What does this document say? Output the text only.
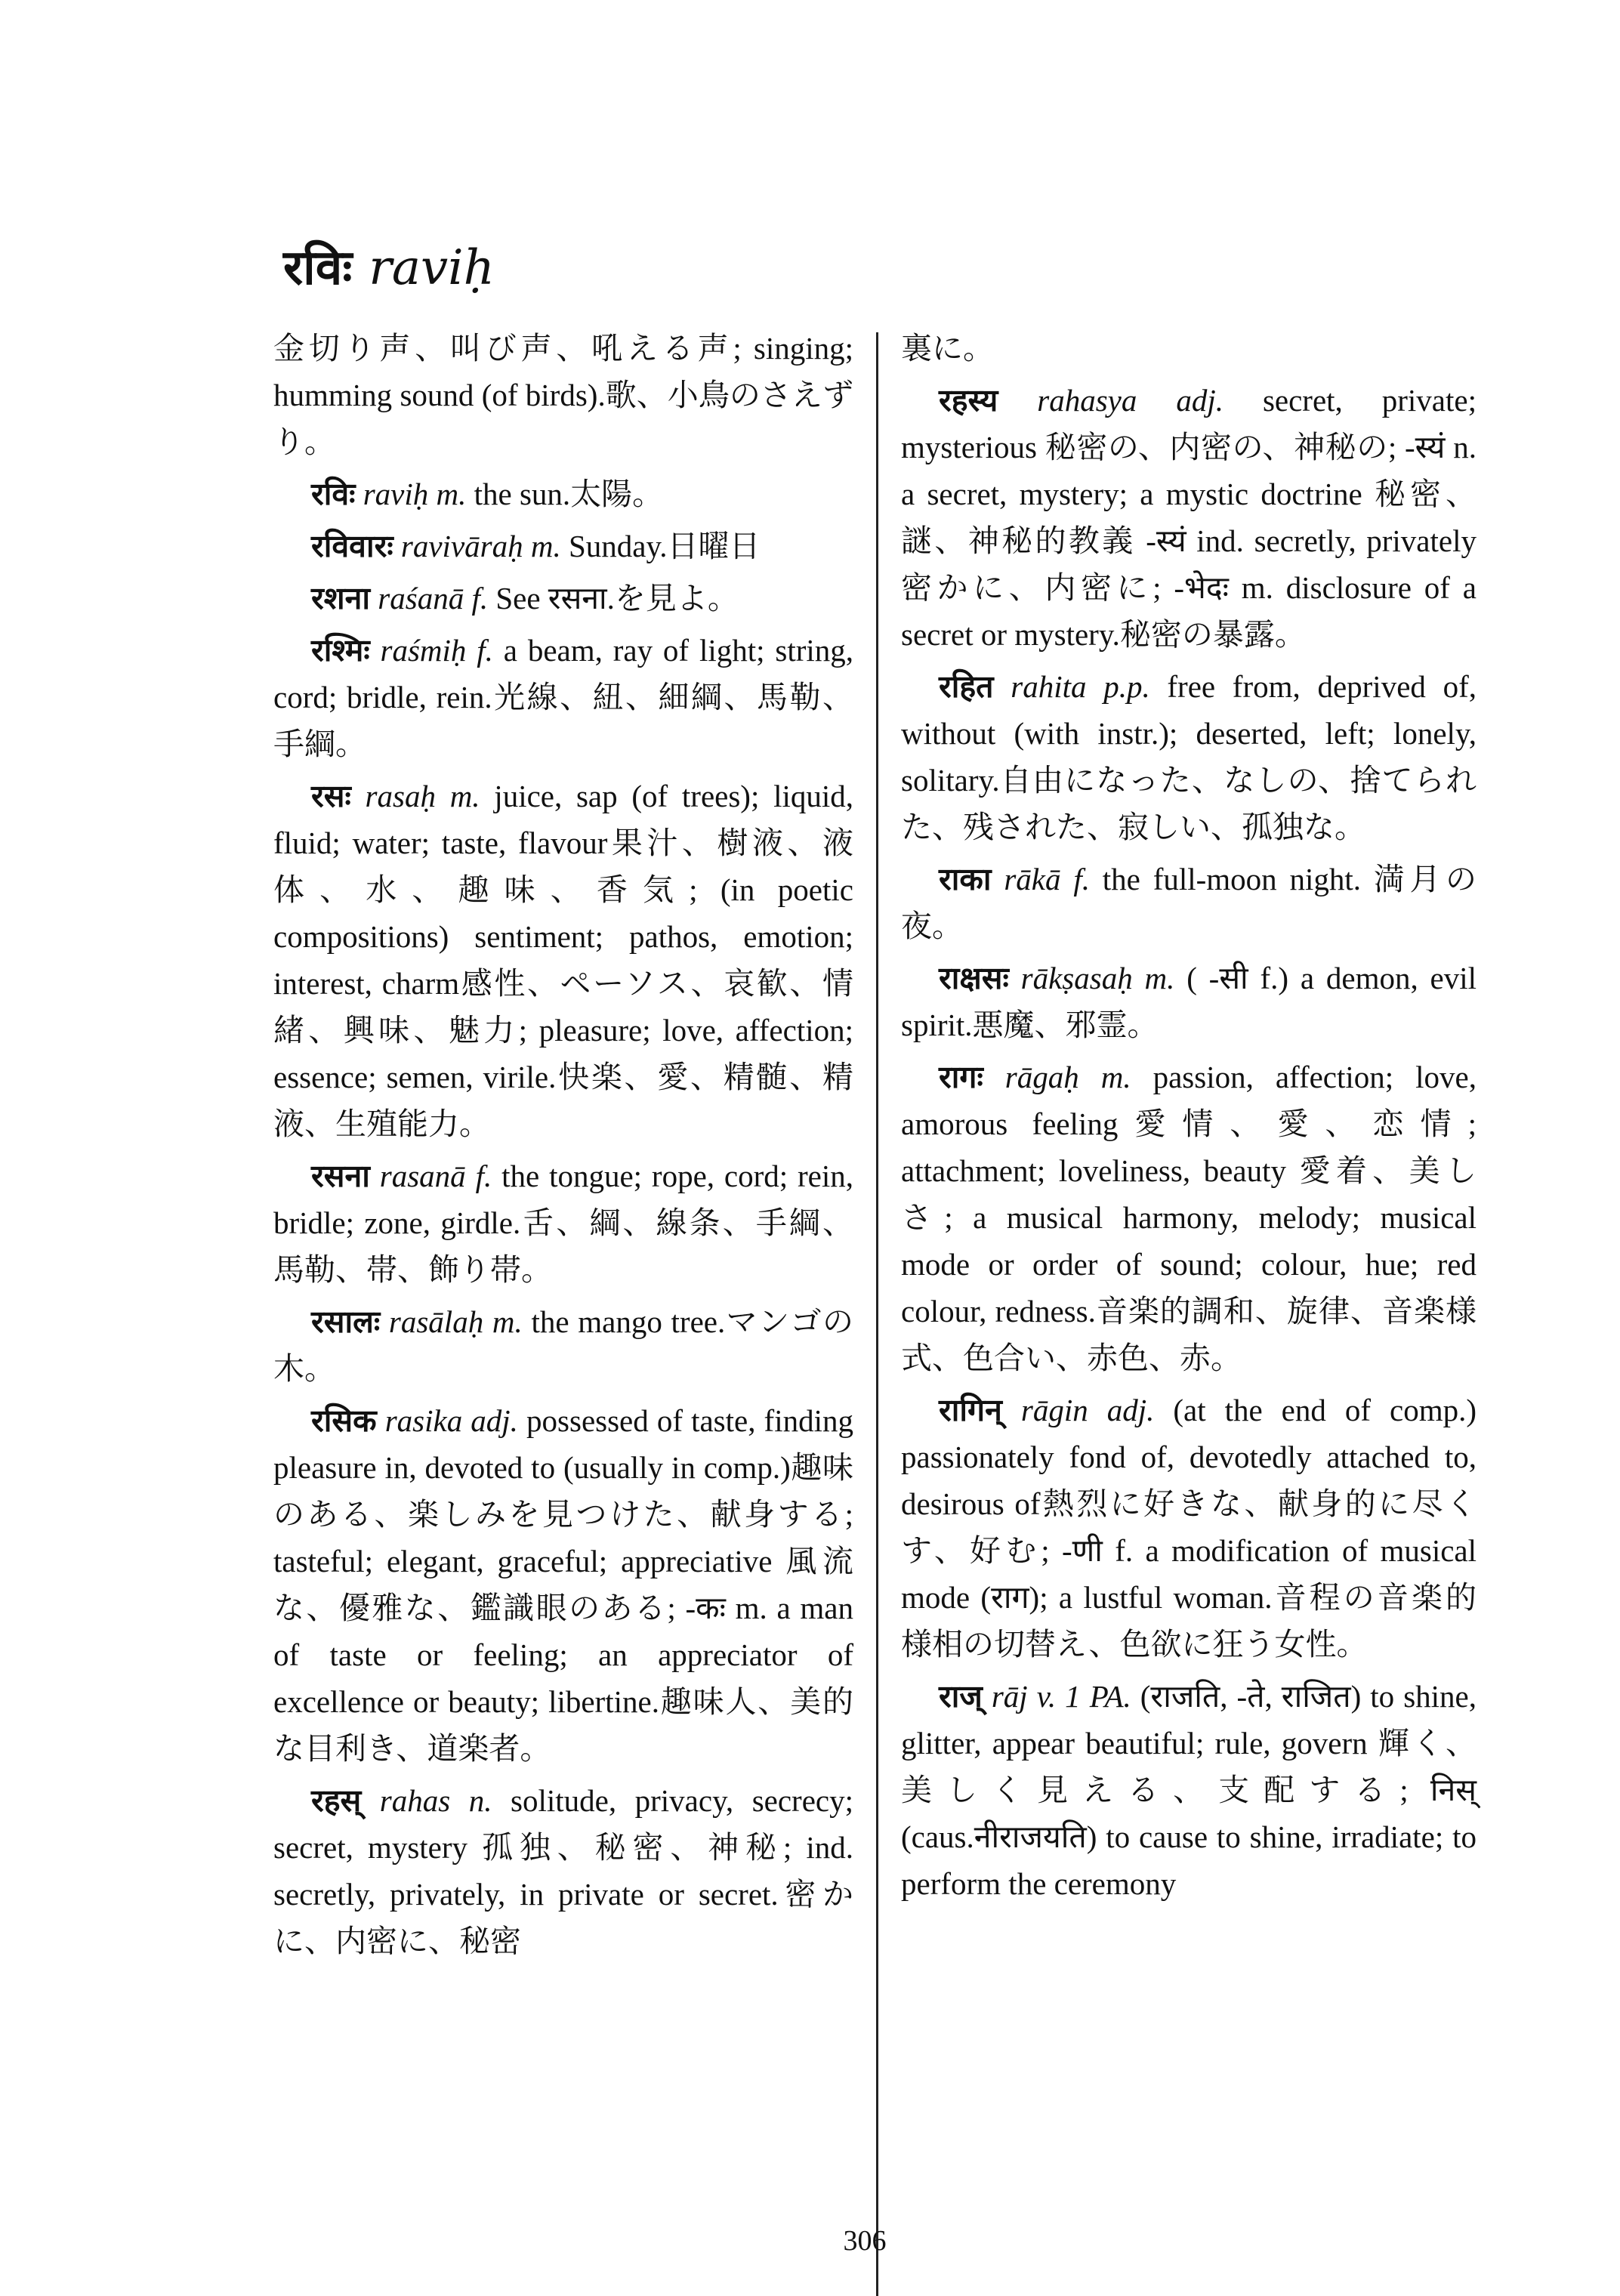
रविः raviḥ

金切り声、叫び声、吼える声; singing; humming sound (of birds).歌、小鳥のさえずり。

रविः raviḥ m. the sun.太陽。

रविवारः ravivāraḥ m. Sunday.日曜日

रशना raśanā f. See रसना.を見よ。

रश्मिः raśmiḥ f. a beam, ray of light; string, cord; bridle, rein.光線、紐、細綱、馬勒、手綱。

रसः rasaḥ m. juice, sap (of trees); liquid, fluid; water; taste, flavour果汁、樹液、液体、水、趣味、香気; (in poetic compositions) sentiment; pathos, emotion; interest, charm感性、ペーソス、哀歓、情緒、興味、魅力; pleasure; love, affection; essence; semen, virile.快楽、愛、精髄、精液、生殖能力。

रसना rasanā f. the tongue; rope, cord; rein, bridle; zone, girdle.舌、綱、線条、手綱、馬勒、帯、飾り帯。

रसालः rasālaḥ m. the mango tree.マンゴの木。

रसिक rasika adj. possessed of taste, finding pleasure in, devoted to (usually in comp.)趣味のある、楽しみを見つけた、献身する; tasteful; elegant, graceful; appreciative 風流な、優雅な、鑑識眼のある; -कः m. a man of taste or feeling; an appreciator of excellence or beauty; libertine.趣味人、美的な目利き、道楽者。

रहस् rahas n. solitude, privacy, secrecy; secret, mystery 孤独、秘密、神秘; ind. secretly, privately, in private or secret.密かに、内密に、秘密

裏に。

रहस्य rahasya adj. secret, private; mysterious 秘密の、内密の、神秘の; -स्यं n. a secret, mystery; a mystic doctrine 秘密、謎、神秘的教義 -स्यं ind. secretly, privately 密かに、内密に; -भेदः m. disclosure of a secret or mystery.秘密の暴露。

रहित rahita p.p. free from, deprived of, without (with instr.); deserted, left; lonely, solitary.自由になった、なしの、捨てられた、残された、寂しい、孤独な。

राका rākā f. the full-moon night. 満月の夜。

राक्षसः rākṣasaḥ m. ( -सी f.) a demon, evil spirit.悪魔、邪霊。

रागः rāgaḥ m. passion, affection; love, amorous feeling愛情、愛、恋情; attachment; loveliness, beauty 愛着、美しさ; a musical harmony, melody; musical mode or order of sound; colour, hue; red colour, redness.音楽的調和、旋律、音楽様式、色合い、赤色、赤。

रागिन् rāgin adj. (at the end of comp.) passionately fond of, devotedly attached to, desirous of熱烈に好きな、献身的に尽くす、好む; -णी f. a modification of musical mode (राग); a lustful woman.音程の音楽的様相の切替え、色欲に狂う女性。

राज् rāj v. 1 PA. (राजति, -ते, राजित) to shine, glitter, appear beautiful; rule, govern 輝く、美しく見える、支配する; निस् (caus.नीराजयति) to cause to shine, irradiate; to perform the ceremony

306
